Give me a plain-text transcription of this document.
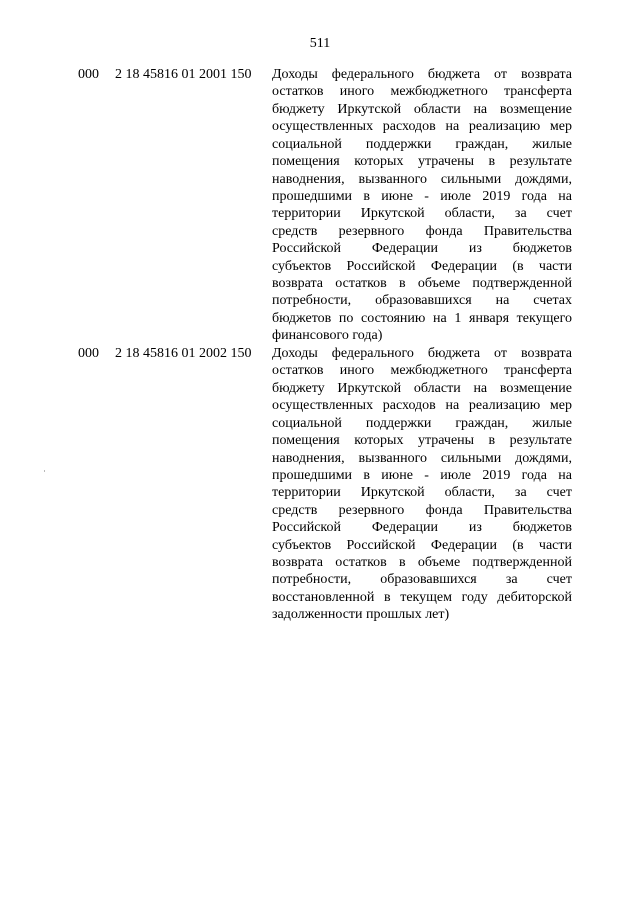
511
000 2 18 45816 01 2001 150 Доходы федерального бюджета от возврата
остатков иного межбюджетного трансферта
бюджету Иркутской области на возмещение
осуществленных расходов на реализацию мер
социальной поддержки граждан, жилые
помещения которых утрачены в результате
наводнения, вызванного сильными дождями,
прошедшими в июне - июле 2019 года на
территории Иркутской области, за счет
средств резервного фонда Правительства
Российской Федерации из бюджетов
субъектов Российской Федерации (в части
возврата остатков в объеме подтвержденной
потребности, образовавшихся на счетах
бюджетов по состоянию на 1 января текущего
финансового года)
000 2 18 45816 01 2002 150 Доходы федерального бюджета от возврата
остатков иного межбюджетного трансферта
бюджету Иркутской области на возмещение
осуществленных расходов на реализацию мер
социальной поддержки граждан, жилые
помещения которых утрачены в результате
наводнения, вызванного сильными дождями,
прошедшими в июне - июле 2019 года на
территории Иркутской области, за счет
средств резервного фонда Правительства
Российской Федерации из бюджетов
субъектов Российской Федерации (в части
возврата остатков в объеме подтвержденной
потребности, образовавшихся за счет
восстановленной в текущем году дебиторской
задолженности прошлых лет)
